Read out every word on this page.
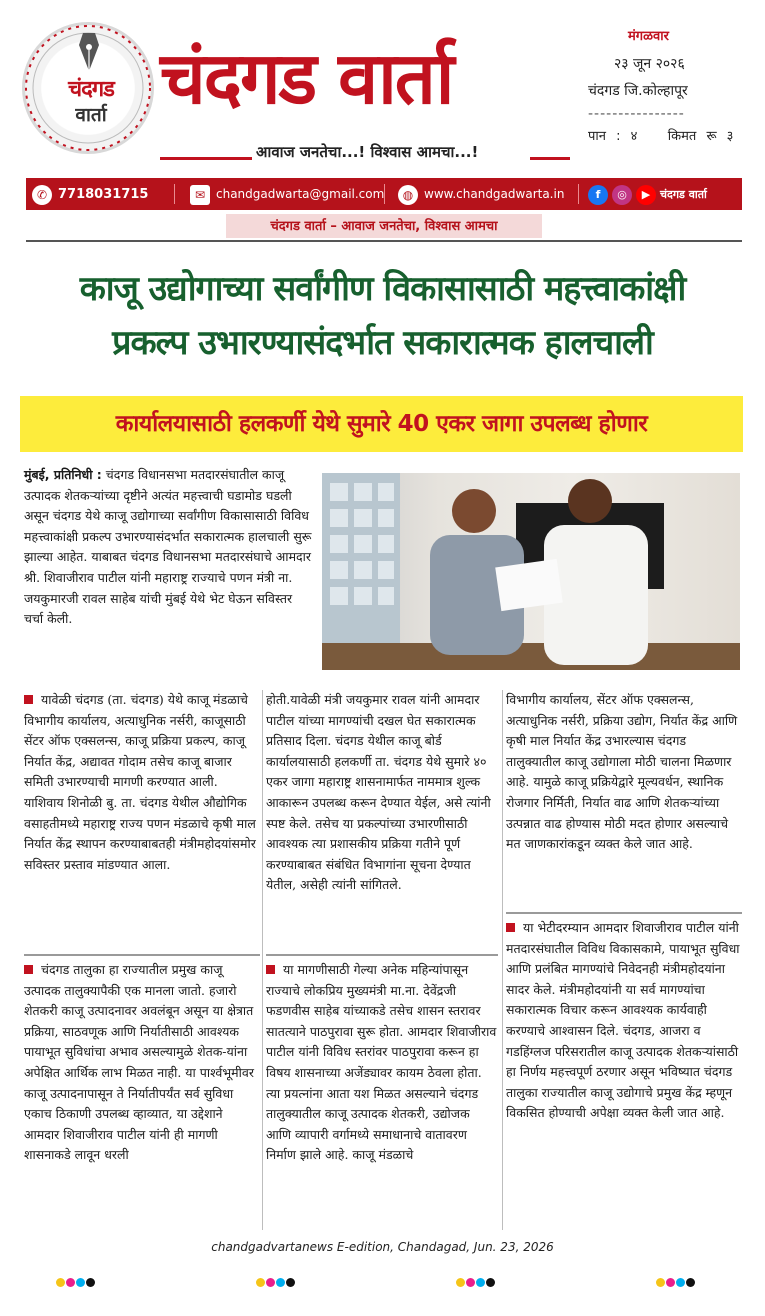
चंदगड
वार्ता चंदगड वार्ता
आवाज जनतेचा...! विश्वास आमचा...!
मंगळवार
२३ जून २०२६
चंदगड जि.कोल्हापूर
----------------
पान : ४ किमत रू ३
✆ 7718031715	✉ chandgadwarta@gmail.com	◍ www.chandgadwarta.in	f ◎ ▶ चंदगड वार्ता
चंदगड वार्ता – आवाज जनतेचा, विश्वास आमचा
काजू उद्योगाच्या सर्वांगीण विकासासाठी महत्त्वाकांक्षी
प्रकल्प उभारण्यासंदर्भात सकारात्मक हालचाली
कार्यालयासाठी हलकर्णी येथे सुमारे 40 एकर जागा उपलब्ध होणार
मुंबई, प्रतिनिधी : चंदगड विधानसभा मतदारसंघातील काजू उत्पादक शेतकऱ्यांच्या दृष्टीने अत्यंत महत्त्वाची घडामोड घडली असून चंदगड येथे काजू उद्योगाच्या सर्वांगीण विकासासाठी विविध महत्त्वाकांक्षी प्रकल्प उभारण्यासंदर्भात सकारात्मक हालचाली सुरू झाल्या आहेत. याबाबत चंदगड विधानसभा मतदारसंघाचे आमदार श्री. शिवाजीराव पाटील यांनी महाराष्ट्र राज्याचे पणन मंत्री ना. जयकुमारजी रावल साहेब यांची मुंबई येथे भेट घेऊन सविस्तर चर्चा केली.
यावेळी चंदगड (ता. चंदगड) येथे काजू मंडळाचे विभागीय कार्यालय, अत्याधुनिक नर्सरी, काजूसाठी सेंटर ऑफ एक्सलन्स, काजू प्रक्रिया प्रकल्प, काजू निर्यात केंद्र, अद्यावत गोदाम तसेच काजू बाजार समिती उभारण्याची मागणी करण्यात आली. याशिवाय शिनोळी बु. ता. चंदगड येथील औद्योगिक वसाहतीमध्ये महाराष्ट्र राज्य पणन मंडळाचे कृषी माल निर्यात केंद्र स्थापन करण्याबाबतही मंत्रीमहोदयांसमोर सविस्तर प्रस्ताव मांडण्यात आला.
चंदगड तालुका हा राज्यातील प्रमुख काजू उत्पादक तालुक्यापैकी एक मानला जातो. हजारो शेतकरी काजू उत्पादनावर अवलंबून असून या क्षेत्रात प्रक्रिया, साठवणूक आणि निर्यातीसाठी आवश्यक पायाभूत सुविधांचा अभाव असल्यामुळे शेतक-यांना अपेक्षित आर्थिक लाभ मिळत नाही. या पार्श्वभूमीवर काजू उत्पादनापासून ते निर्यातीपर्यंत सर्व सुविधा एकाच ठिकाणी उपलब्ध व्हाव्यात, या उद्देशाने आमदार शिवाजीराव पाटील यांनी ही मागणी शासनाकडे लावून धरली
होती.यावेळी मंत्री जयकुमार रावल यांनी आमदार पाटील यांच्या मागण्यांची दखल घेत सकारात्मक प्रतिसाद दिला. चंदगड येथील काजू बोर्ड कार्यालयासाठी हलकर्णी ता. चंदगड येथे सुमारे ४० एकर जागा महाराष्ट्र शासनामार्फत नाममात्र शुल्क आकारून उपलब्ध करून देण्यात येईल, असे त्यांनी स्पष्ट केले. तसेच या प्रकल्पांच्या उभारणीसाठी आवश्यक त्या प्रशासकीय प्रक्रिया गतीने पूर्ण करण्याबाबत संबंधित विभागांना सूचना देण्यात येतील, असेही त्यांनी सांगितले.
या मागणीसाठी गेल्या अनेक महिन्यांपासून राज्याचे लोकप्रिय मुख्यमंत्री मा.ना. देवेंद्रजी फडणवीस साहेब यांच्याकडे तसेच शासन स्तरावर सातत्याने पाठपुरावा सुरू होता. आमदार शिवाजीराव पाटील यांनी विविध स्तरांवर पाठपुरावा करून हा विषय शासनाच्या अजेंड्यावर कायम ठेवला होता. त्या प्रयत्नांना आता यश मिळत असल्याने चंदगड तालुक्यातील काजू उत्पादक शेतकरी, उद्योजक आणि व्यापारी वर्गामध्ये समाधानाचे वातावरण निर्माण झाले आहे. काजू मंडळाचे
विभागीय कार्यालय, सेंटर ऑफ एक्सलन्स, अत्याधुनिक नर्सरी, प्रक्रिया उद्योग, निर्यात केंद्र आणि कृषी माल निर्यात केंद्र उभारल्यास चंदगड तालुक्यातील काजू उद्योगाला मोठी चालना मिळणार आहे. यामुळे काजू प्रक्रियेद्वारे मूल्यवर्धन, स्थानिक रोजगार निर्मिती, निर्यात वाढ आणि शेतकऱ्यांच्या उत्पन्नात वाढ होण्यास मोठी मदत होणार असल्याचे मत जाणकारांकडून व्यक्त केले जात आहे.
या भेटीदरम्यान आमदार शिवाजीराव पाटील यांनी मतदारसंघातील विविध विकासकामे, पायाभूत सुविधा आणि प्रलंबित मागण्यांचे निवेदनही मंत्रीमहोदयांना सादर केले. मंत्रीमहोदयांनी या सर्व मागण्यांचा सकारात्मक विचार करून आवश्यक कार्यवाही करण्याचे आश्वासन दिले. चंदगड, आजरा व गडहिंग्लज परिसरातील काजू उत्पादक शेतकऱ्यांसाठी हा निर्णय महत्त्वपूर्ण ठरणार असून भविष्यात चंदगड तालुका राज्यातील काजू उद्योगाचे प्रमुख केंद्र म्हणून विकसित होण्याची अपेक्षा व्यक्त केली जात आहे.
chandgadvartanews E-edition, Chandagad, Jun. 23, 2026
